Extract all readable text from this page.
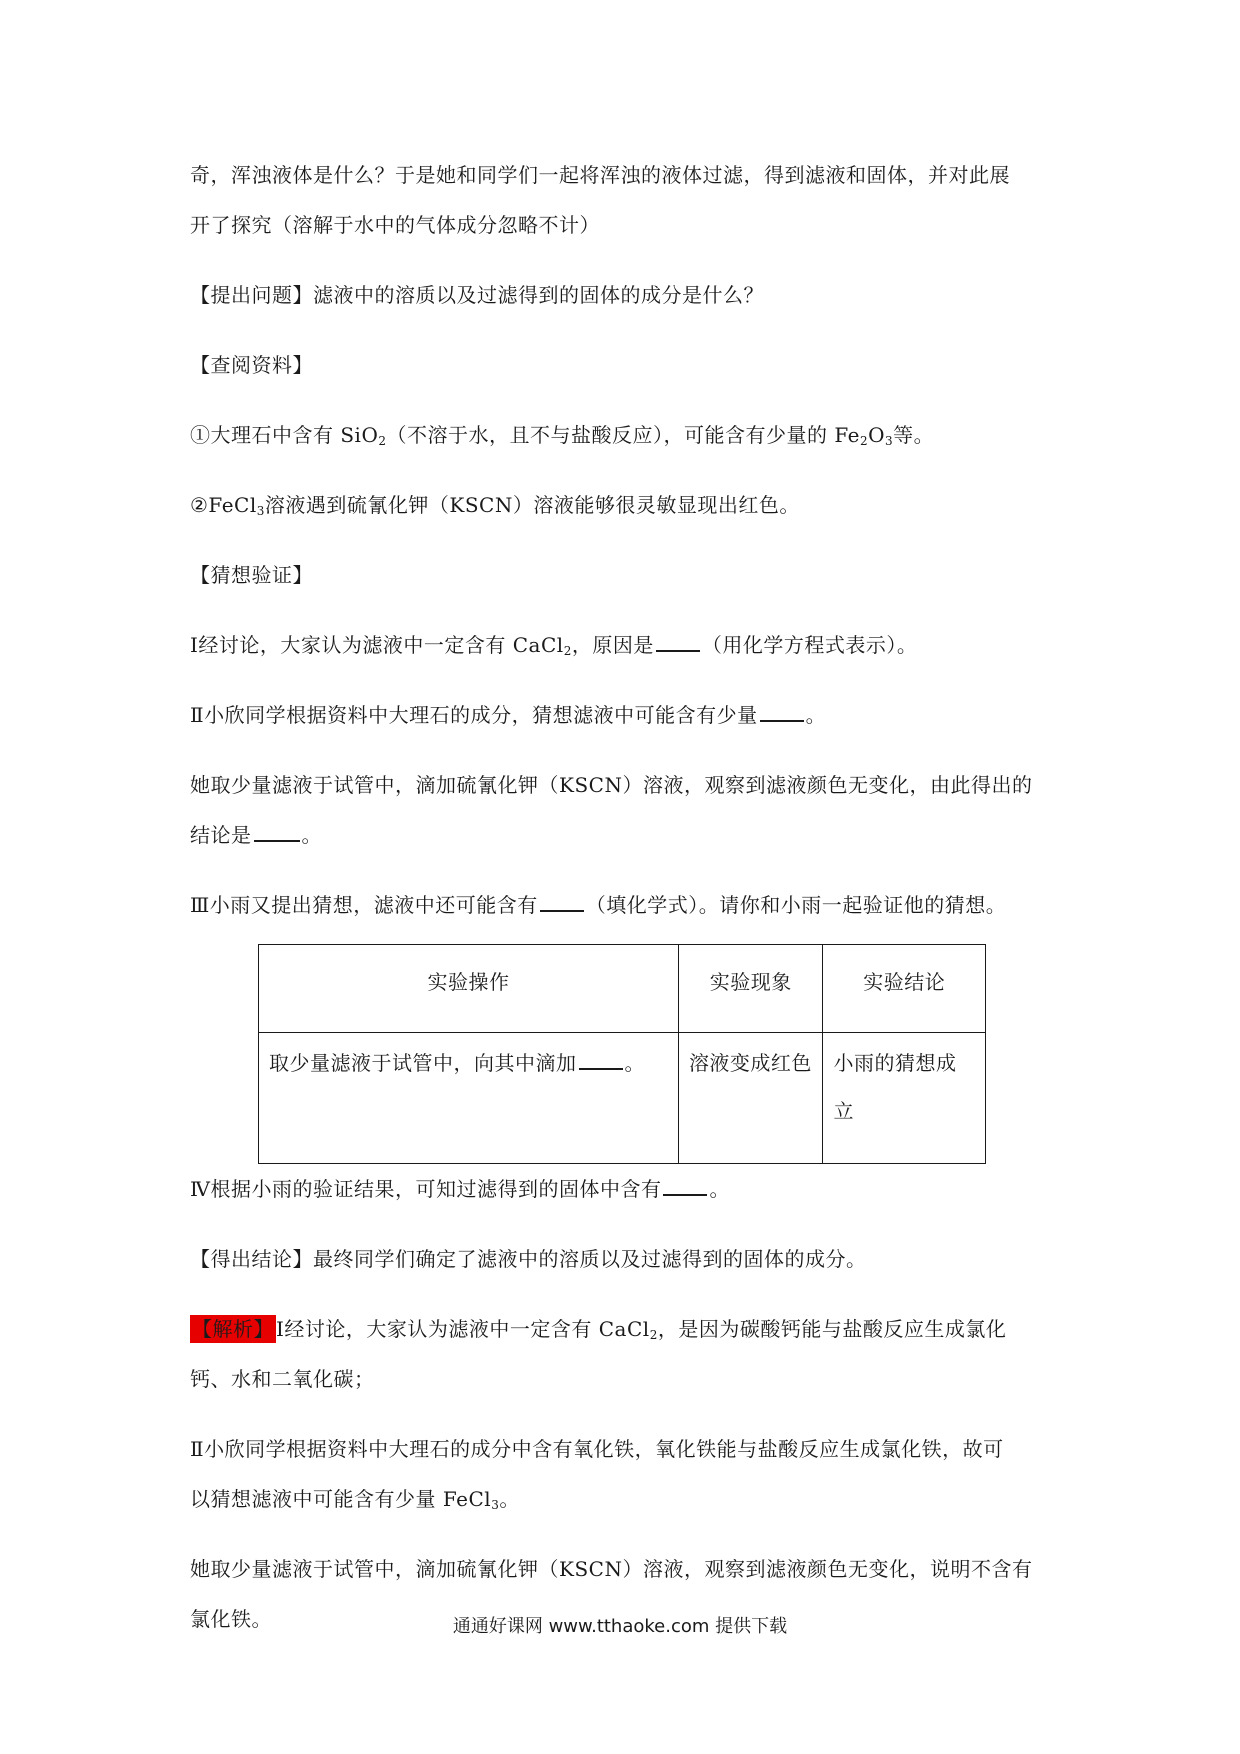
奇，浑浊液体是什么？于是她和同学们一起将浑浊的液体过滤，得到滤液和固体，并对此展

开了探究（溶解于水中的气体成分忽略不计）

【提出问题】滤液中的溶质以及过滤得到的固体的成分是什么？

【查阅资料】

①大理石中含有 SiO$_2$（不溶于水，且不与盐酸反应），可能含有少量的 $Fe_2O_3$等。

②FeCl$_3$溶液遇到硫氰化钾（KSCN）溶液能够很灵敏显现出红色。

【猜想验证】

Ⅰ经讨论，大家认为滤液中一定含有 CaCl$_2$，原因是 （用化学方程式表示）。

Ⅱ小欣同学根据资料中大理石的成分，猜想滤液中可能含有少量 。

她取少量滤液于试管中，滴加硫氰化钾（KSCN）溶液，观察到滤液颜色无变化，由此得出的

结论是	。

Ⅲ小雨又提出猜想，滤液中还可能含有 （填化学式）。请你和小雨一起验证他的猜想。

实验操作	实验现象	实验结论
取少量滤液于试管中，向其中滴加 。	溶液变成红色	小雨的猜想成立

Ⅳ根据小雨的验证结果，可知过滤得到的固体中含有 。

【得出结论】最终同学们确定了滤液中的溶质以及过滤得到的固体的成分。

【解析】 Ⅰ经讨论，大家认为滤液中一定含有 CaCl$_2$，是因为碳酸钙能与盐酸反应生成氯化

钙、水和二氧化碳；

Ⅱ小欣同学根据资料中大理石的成分中含有氧化铁，氧化铁能与盐酸反应生成氯化铁，故可

以猜想滤液中可能含有少量 FeCl$_3$。

她取少量滤液于试管中，滴加硫氰化钾（KSCN）溶液，观察到滤液颜色无变化，说明不含有

氯化铁。	通通好课网 www.tthaoke.com 提供下载
